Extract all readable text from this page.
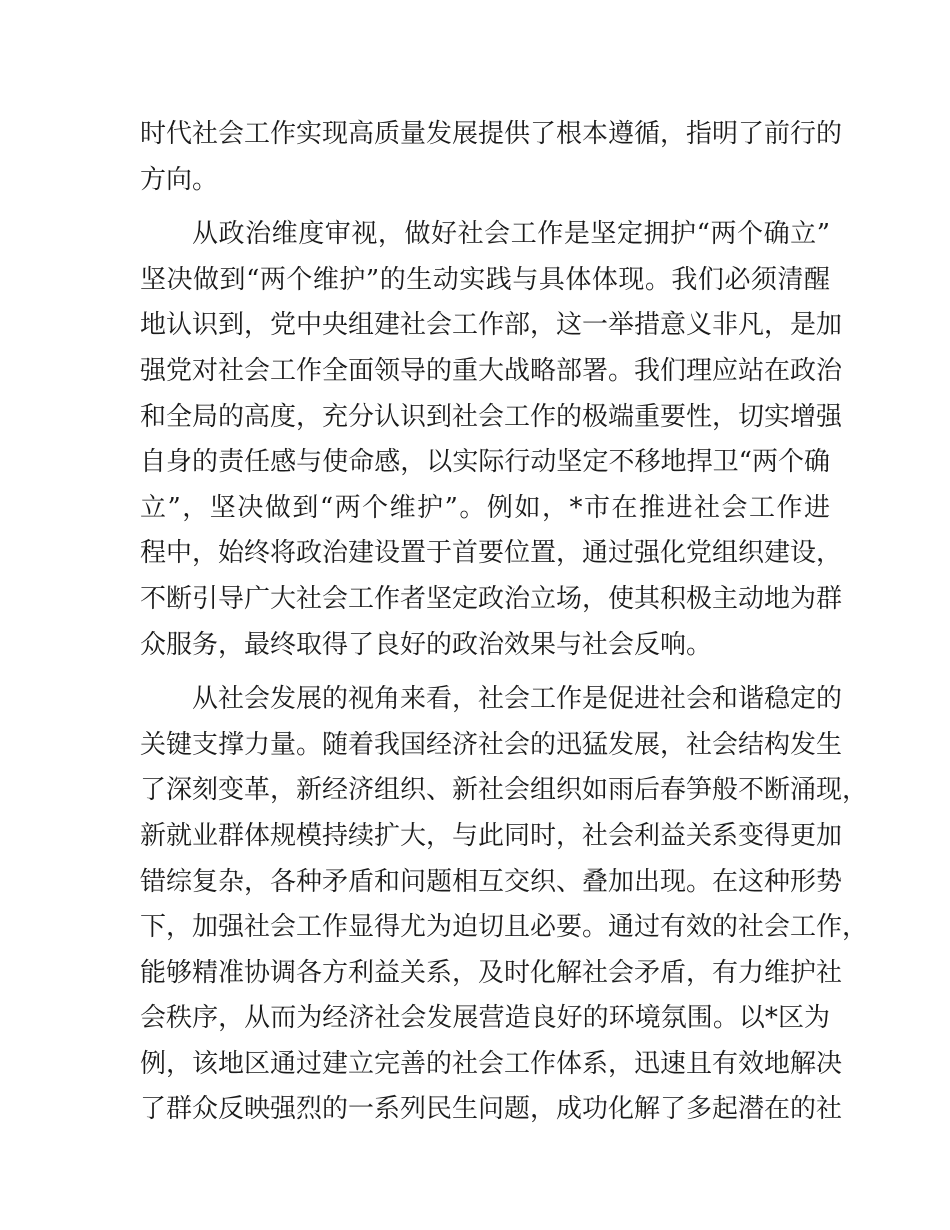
时代社会工作实现高质量发展提供了根本遵循，指明了前行的
方向。
从政治维度审视，做好社会工作是坚定拥护“两个确立”
坚决做到“两个维护”的生动实践与具体体现。我们必须清醒
地认识到，党中央组建社会工作部，这一举措意义非凡，是加
强党对社会工作全面领导的重大战略部署。我们理应站在政治
和全局的高度，充分认识到社会工作的极端重要性，切实增强
自身的责任感与使命感，以实际行动坚定不移地捍卫“两个确
立”，坚决做到“两个维护”。例如，*市在推进社会工作进
程中，始终将政治建设置于首要位置，通过强化党组织建设，
不断引导广大社会工作者坚定政治立场，使其积极主动地为群
众服务，最终取得了良好的政治效果与社会反响。
从社会发展的视角来看，社会工作是促进社会和谐稳定的
关键支撑力量。随着我国经济社会的迅猛发展，社会结构发生
了深刻变革，新经济组织、新社会组织如雨后春笋般不断涌现，
新就业群体规模持续扩大，与此同时，社会利益关系变得更加
错综复杂，各种矛盾和问题相互交织、叠加出现。在这种形势
下，加强社会工作显得尤为迫切且必要。通过有效的社会工作，
能够精准协调各方利益关系，及时化解社会矛盾，有力维护社
会秩序，从而为经济社会发展营造良好的环境氛围。以*区为
例，该地区通过建立完善的社会工作体系，迅速且有效地解决
了群众反映强烈的一系列民生问题，成功化解了多起潜在的社
